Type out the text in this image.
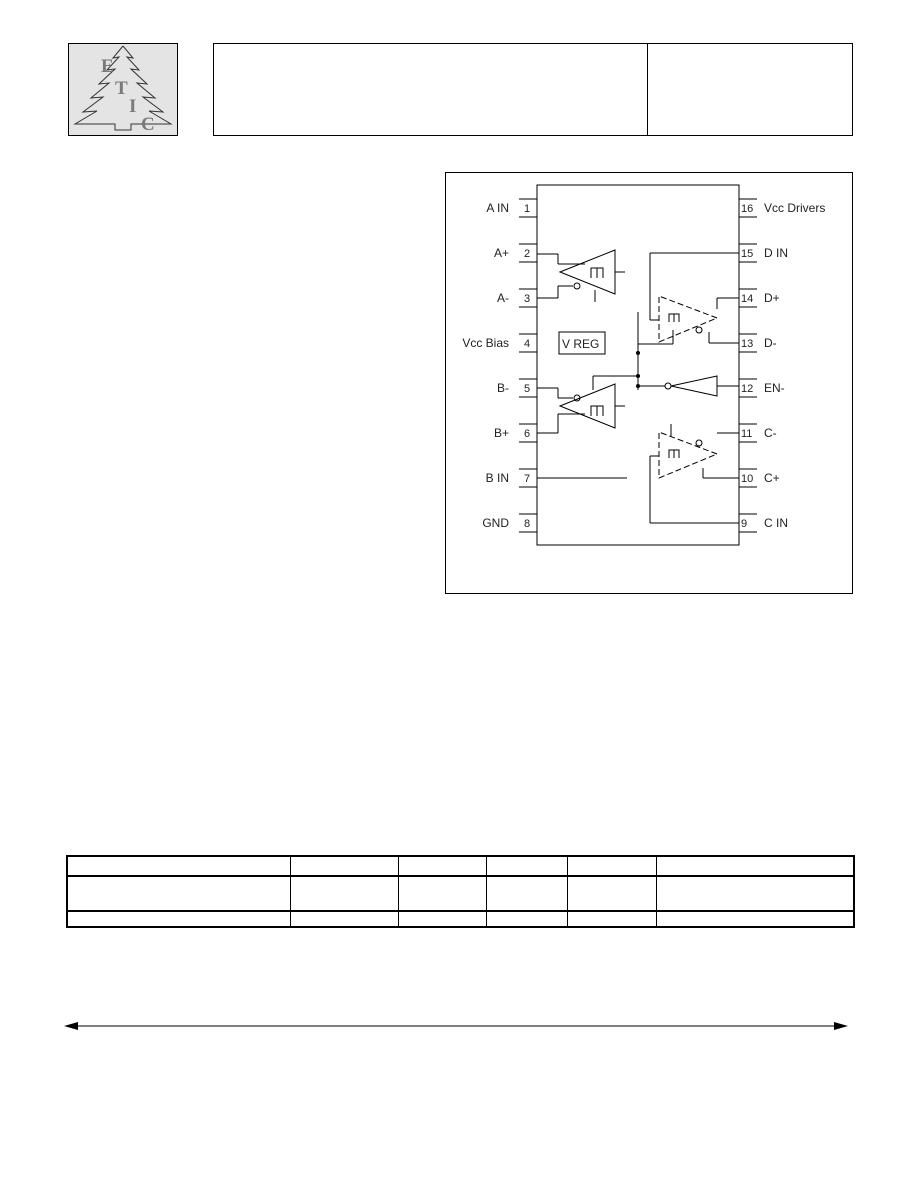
E
T
I
C
1
A IN
2
A+
3
A-
4
Vcc Bias
5
B-
6
B+
7
B IN
8
GND
16 Vcc Drivers
15 D IN
14 D+
13 D-
12 EN-
11 C-
10 C+
9 C IN
V REG
